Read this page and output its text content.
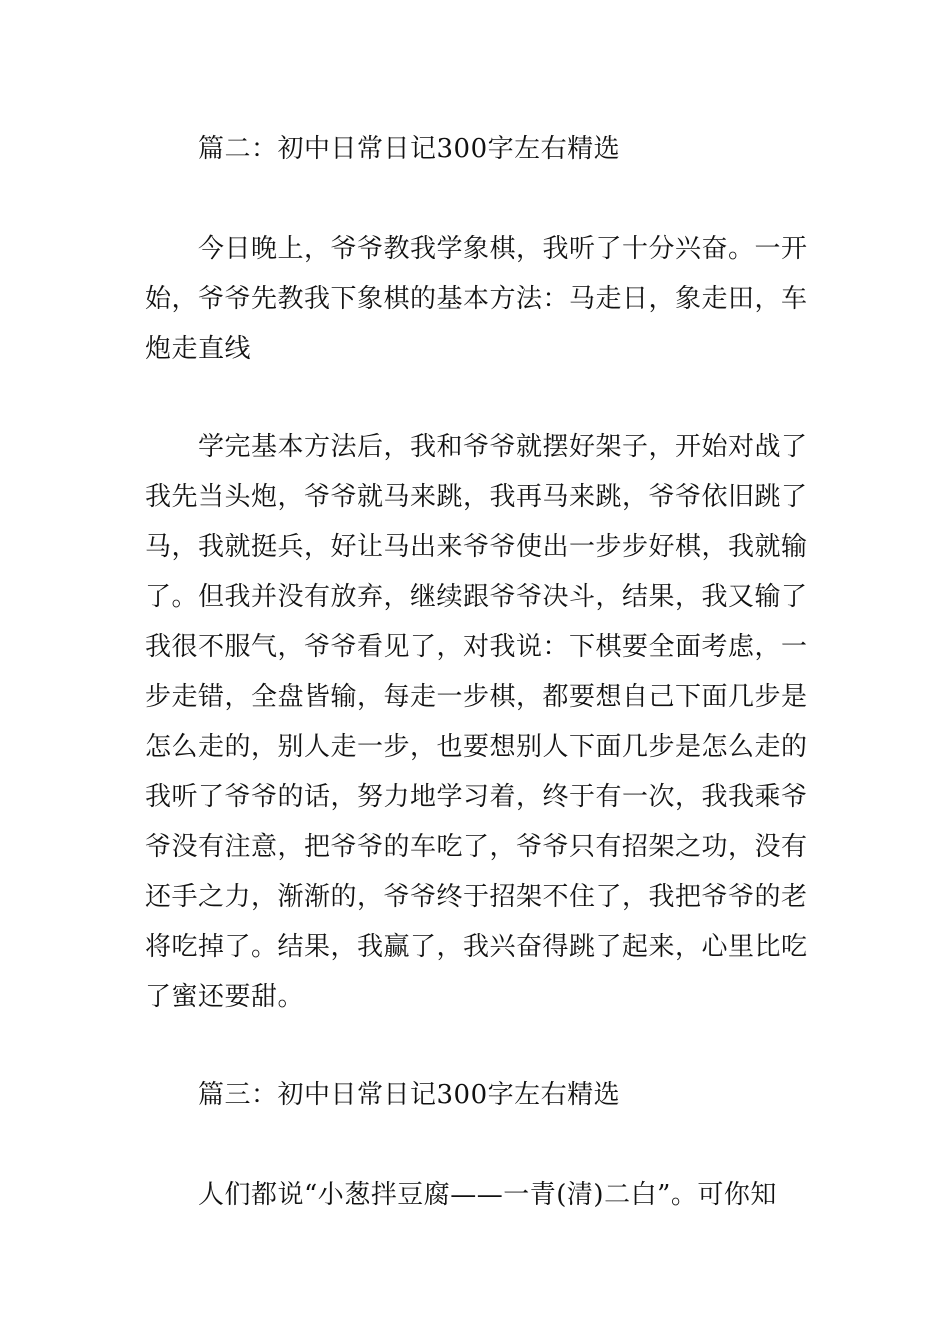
篇二：初中日常日记300字左右精选
今日晚上，爷爷教我学象棋，我听了十分兴奋。一开
始，爷爷先教我下象棋的基本方法：马走日，象走田，车
炮走直线
学完基本方法后，我和爷爷就摆好架子，开始对战了
我先当头炮，爷爷就马来跳，我再马来跳，爷爷依旧跳了
马，我就挺兵，好让马出来爷爷使出一步步好棋，我就输
了。但我并没有放弃，继续跟爷爷决斗，结果，我又输了
我很不服气，爷爷看见了，对我说：下棋要全面考虑，一
步走错，全盘皆输，每走一步棋，都要想自己下面几步是
怎么走的，别人走一步，也要想别人下面几步是怎么走的
我听了爷爷的话，努力地学习着，终于有一次，我我乘爷
爷没有注意，把爷爷的车吃了，爷爷只有招架之功，没有
还手之力，渐渐的，爷爷终于招架不住了，我把爷爷的老
将吃掉了。结果，我赢了，我兴奋得跳了起来，心里比吃
了蜜还要甜。
篇三：初中日常日记300字左右精选
人们都说“小葱拌豆腐——一青(清)二白”。可你知
